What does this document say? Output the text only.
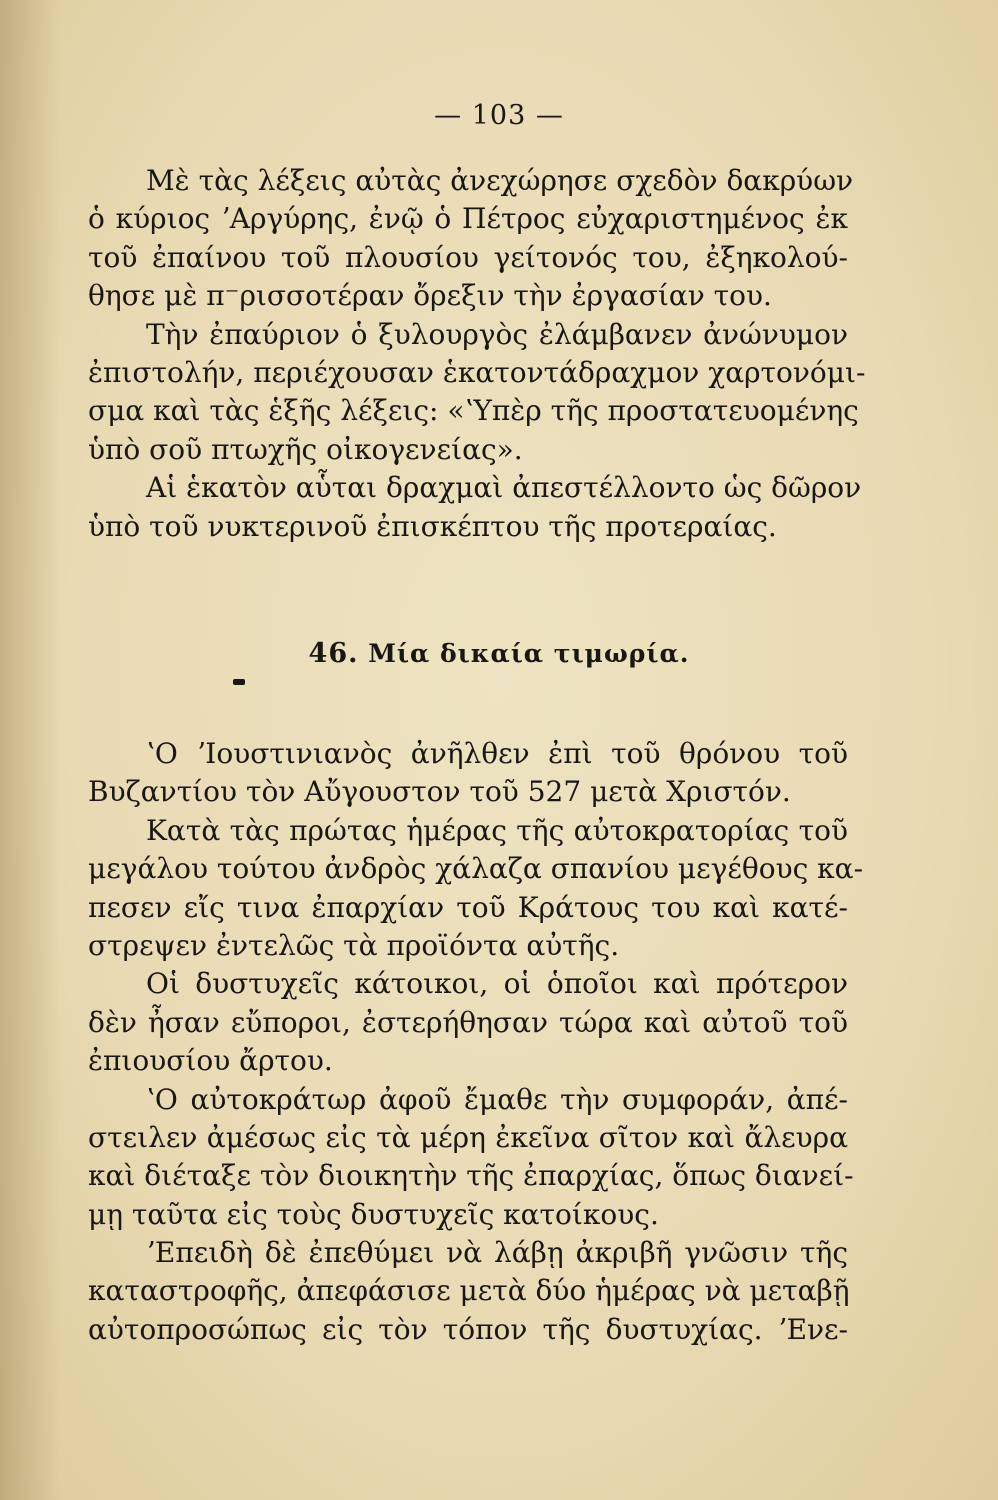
— 103 —
Μὲ τὰς λέξεις αὐτὰς ἀνεχώρησε σχεδὸν δακρύων
ὁ κύριος ʼΑργύρης, ἐνῷ ὁ Πέτρος εὐχαριστημένος ἐκ
τοῦ ἐπαίνου τοῦ πλουσίου γείτονός του, ἐξηκολού-
θησε μὲ π⁻ρισσοτέραν ὄρεξιν τὴν ἐργασίαν του.
Τὴν ἐπαύριον ὁ ξυλουργὸς ἐλάμβανεν ἀνώνυμον
ἐπιστολήν, περιέχουσαν ἑκατοντάδραχμον χαρτονόμι-
σμα καὶ τὰς ἑξῆς λέξεις: «ʽΥπὲρ τῆς προστατευομένης
ὑπὸ σοῦ πτωχῆς οἰκογενείας».
Αἱ ἑκατὸν αὗται δραχμαὶ ἀπεστέλλοντο ὡς δῶρον
ὑπὸ τοῦ νυκτερινοῦ ἐπισκέπτου τῆς προτεραίας.
46. Μία δικαία τιμωρία.
ʽΟ ʼΙουστινιανὸς ἀνῆλθεν ἐπὶ τοῦ θρόνου τοῦ
Βυζαντίου τὸν Αὔγουστον τοῦ 527 μετὰ Χριστόν.
Κατὰ τὰς πρώτας ἡμέρας τῆς αὐτοκρατορίας τοῦ
μεγάλου τούτου ἀνδρὸς χάλαζα σπανίου μεγέθους κα-
πεσεν εἴς τινα ἐπαρχίαν τοῦ Κράτους του καὶ κατέ-
στρεψεν ἐντελῶς τὰ προϊόντα αὐτῆς.
Οἱ δυστυχεῖς κάτοικοι, οἱ ὁποῖοι καὶ πρότερον
δὲν ἦσαν εὔποροι, ἐστερήθησαν τώρα καὶ αὐτοῦ τοῦ
ἐπιουσίου ἄρτου.
ʽΟ αὐτοκράτωρ ἀφοῦ ἔμαθε τὴν συμφοράν, ἀπέ-
στειλεν ἀμέσως εἰς τὰ μέρη ἐκεῖνα σῖτον καὶ ἄλευρα
καὶ διέταξε τὸν διοικητὴν τῆς ἐπαρχίας, ὅπως διανεί-
μῃ ταῦτα εἰς τοὺς δυστυχεῖς κατοίκους.
ʼΕπειδὴ δὲ ἐπεθύμει νὰ λάβῃ ἀκριβῆ γνῶσιν τῆς
καταστροφῆς, ἀπεφάσισε μετὰ δύο ἡμέρας νὰ μεταβῇ
αὐτοπροσώπως εἰς τὸν τόπον τῆς δυστυχίας. ʼΕνε-
